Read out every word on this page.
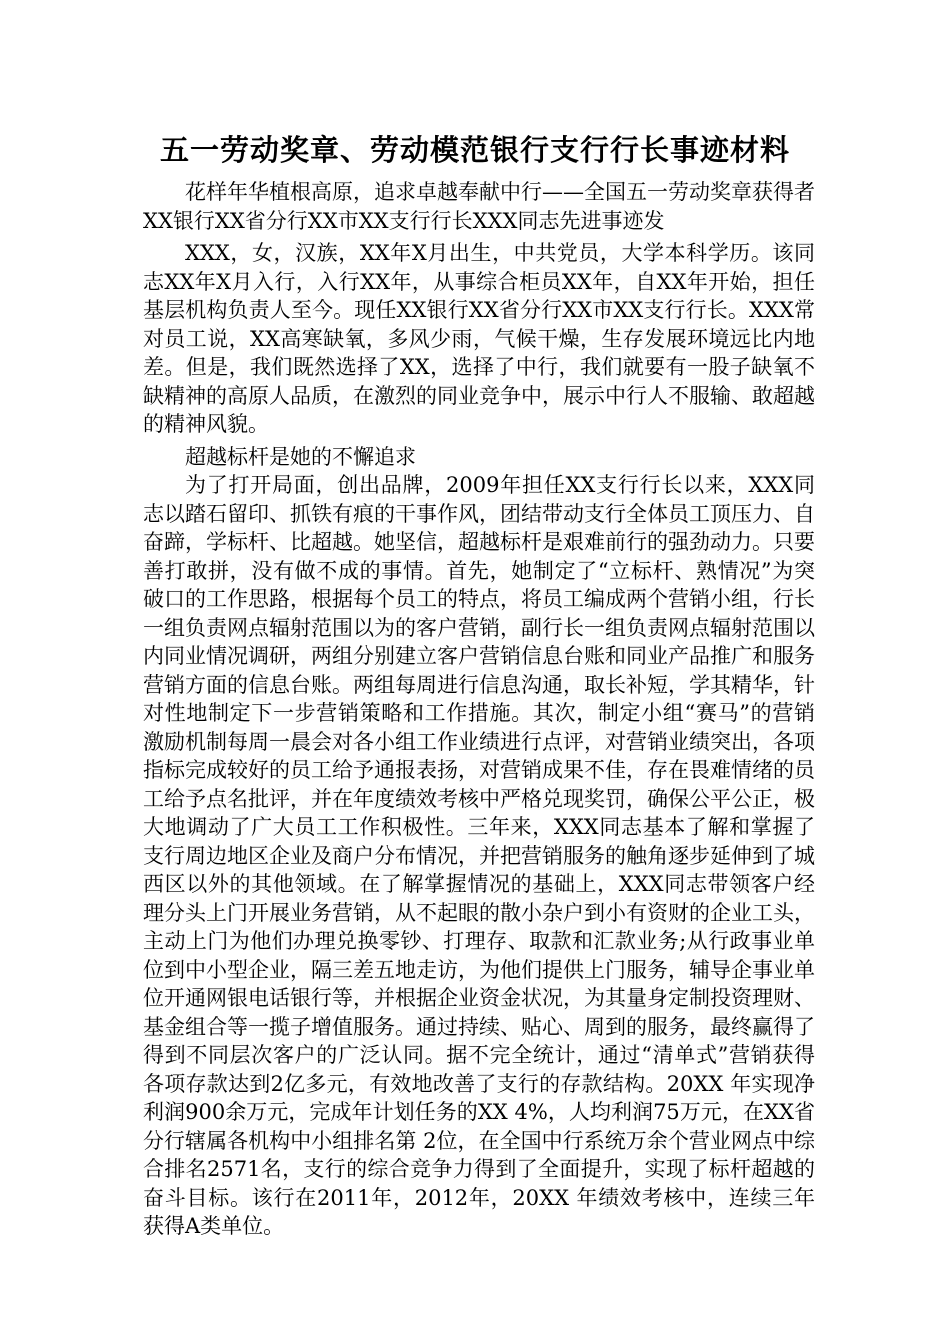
五一劳动奖章、劳动模范银行支行行长事迹材料

花样年华植根高原，追求卓越奉献中行——全国五一劳动奖章获得者XX银行XX省分行XX市XX支行行长XXX同志先进事迹发

XXX，女，汉族，XX年X月出生，中共党员，大学本科学历。该同志XX年X月入行，入行XX年，从事综合柜员XX年，自XX年开始，担任基层机构负责人至今。现任XX银行XX省分行XX市XX支行行长。XXX常对员工说，XX高寒缺氧，多风少雨，气候干燥，生存发展环境远比内地差。但是，我们既然选择了XX，选择了中行，我们就要有一股子缺氧不缺精神的高原人品质，在激烈的同业竞争中，展示中行人不服输、敢超越的精神风貌。

超越标杆是她的不懈追求

为了打开局面，创出品牌，2009年担任XX支行行长以来，XXX同志以踏石留印、抓铁有痕的干事作风，团结带动支行全体员工顶压力、自奋蹄，学标杆、比超越。她坚信，超越标杆是艰难前行的强劲动力。只要善打敢拼，没有做不成的事情。首先，她制定了“立标杆、熟情况”为突破口的工作思路，根据每个员工的特点，将员工编成两个营销小组，行长一组负责网点辐射范围以为的客户营销，副行长一组负责网点辐射范围以内同业情况调研，两组分别建立客户营销信息台账和同业产品推广和服务营销方面的信息台账。两组每周进行信息沟通，取长补短，学其精华，针对性地制定下一步营销策略和工作措施。其次，制定小组“赛马”的营销激励机制每周一晨会对各小组工作业绩进行点评，对营销业绩突出，各项指标完成较好的员工给予通报表扬，对营销成果不佳，存在畏难情绪的员工给予点名批评，并在年度绩效考核中严格兑现奖罚，确保公平公正，极大地调动了广大员工工作积极性。三年来，XXX同志基本了解和掌握了支行周边地区企业及商户分布情况，并把营销服务的触角逐步延伸到了城西区以外的其他领域。在了解掌握情况的基础上，XXX同志带领客户经理分头上门开展业务营销，从不起眼的散小杂户到小有资财的企业工头，主动上门为他们办理兑换零钞、打理存、取款和汇款业务;从行政事业单位到中小型企业，隔三差五地走访，为他们提供上门服务，辅导企事业单位开通网银电话银行等，并根据企业资金状况，为其量身定制投资理财、基金组合等一揽子增值服务。通过持续、贴心、周到的服务，最终赢得了得到不同层次客户的广泛认同。据不完全统计，通过“清单式”营销获得各项存款达到2亿多元，有效地改善了支行的存款结构。20XX 年实现净利润900余万元，完成年计划任务的XX 4%，人均利润75万元，在XX省分行辖属各机构中小组排名第 2位，在全国中行系统万余个营业网点中综合排名2571名，支行的综合竞争力得到了全面提升，实现了标杆超越的奋斗目标。该行在2011年，2012年，20XX 年绩效考核中，连续三年获得A类单位。
